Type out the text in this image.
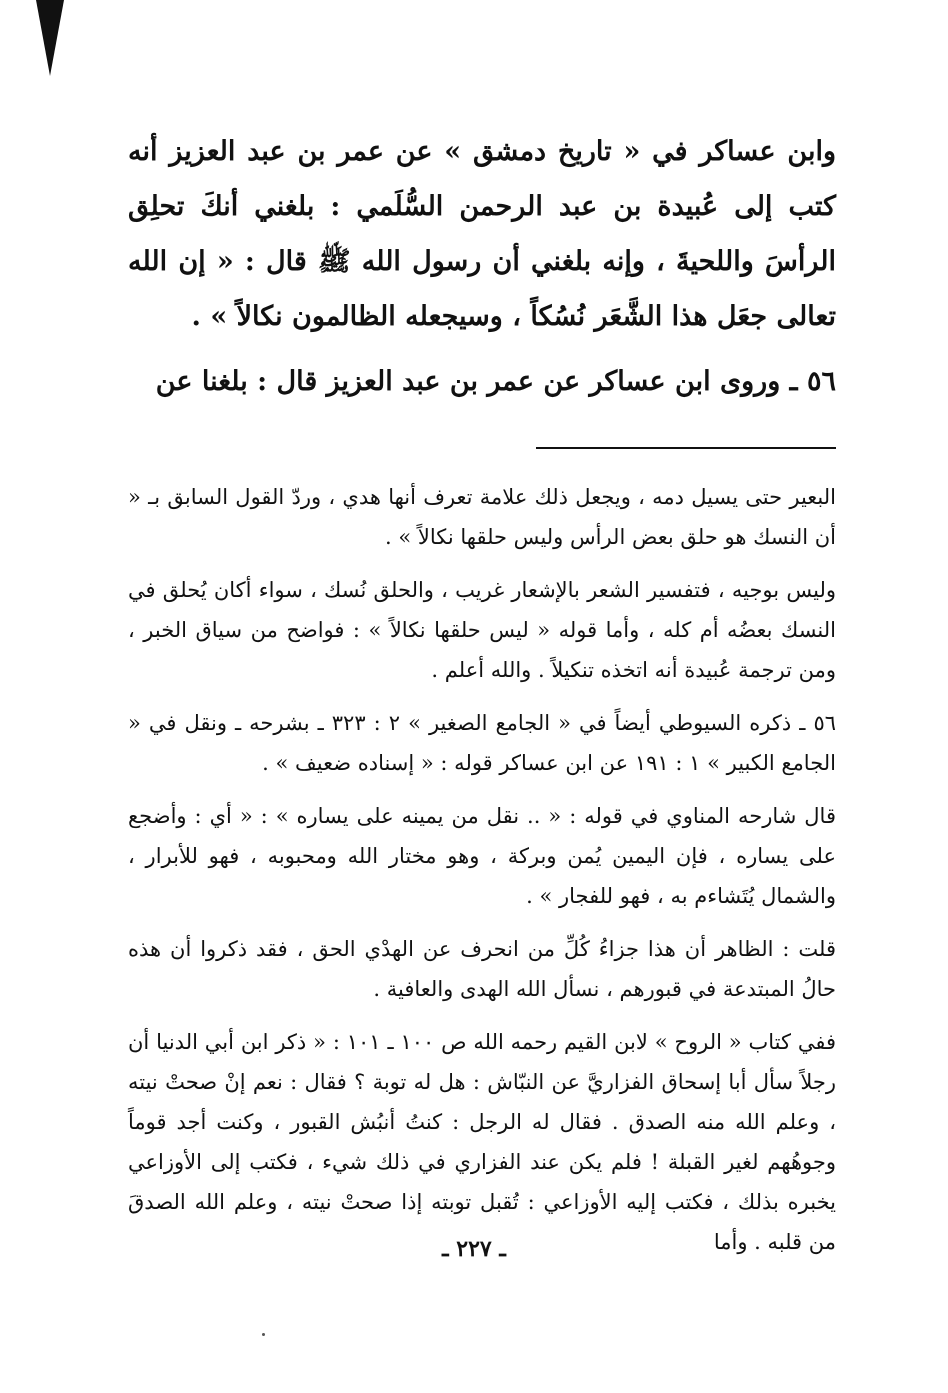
وابن عساكر في « تاريخ دمشق » عن عمر بن عبد العزيز أنه كتب إلى عُبيدة بن عبد الرحمن السُّلَمي : بلغني أنكَ تحلِق الرأسَ واللحيةَ ، وإنه بلغني أن رسول الله ﷺ قال : « إن الله تعالى جعَل هذا الشَّعَر نُسُكاً ، وسيجعله الظالمون نكالاً » .

٥٦ ـ وروى ابن عساكر عن عمر بن عبد العزيز قال : بلغنا عن

البعير حتى يسيل دمه ، ويجعل ذلك علامة تعرف أنها هدي ، وردّ القول السابق بـ « أن النسك هو حلق بعض الرأس وليس حلقها نكالاً » .

وليس بوجيه ، فتفسير الشعر بالإشعار غريب ، والحلق نُسك ، سواء أكان يُحلق في النسك بعضُه أم كله ، وأما قوله « ليس حلقها نكالاً » : فواضح من سياق الخبر ، ومن ترجمة عُبيدة أنه اتخذه تنكيلاً . والله أعلم .

٥٦ ـ ذكره السيوطي أيضاً في « الجامع الصغير » ٢ : ٣٢٣ ـ بشرحه ـ ونقل في « الجامع الكبير » ١ : ١٩١ عن ابن عساكر قوله : « إسناده ضعيف » .

قال شارحه المناوي في قوله : « .. نقل من يمينه على يساره » : « أي : وأضجع على يساره ، فإن اليمين يُمن وبركة ، وهو مختار الله ومحبوبه ، فهو للأبرار ، والشمال يُتَشاءم به ، فهو للفجار » .

قلت : الظاهر أن هذا جزاءُ كُلِّ من انحرف عن الهدْي الحق ، فقد ذكروا أن هذه حالُ المبتدعة في قبورهم ، نسأل الله الهدى والعافية .

ففي كتاب « الروح » لابن القيم رحمه الله ص ١٠٠ ـ ١٠١ : « ذكر ابن أبي الدنيا أن رجلاً سأل أبا إسحاق الفزاريَّ عن النبّاش : هل له توبة ؟ فقال : نعم إنْ صحتْ نيته ، وعلم الله منه الصدق . فقال له الرجل : كنتُ أنبُش القبور ، وكنت أجد قوماً وجوهُهم لغير القبلة ! فلم يكن عند الفزاري في ذلك شيء ، فكتب إلى الأوزاعي يخبره بذلك ، فكتب إليه الأوزاعي : تُقبل توبته إذا صحتْ نيته ، وعلم الله الصدقَ من قلبه . وأما

ـ ٢٢٧ ـ
